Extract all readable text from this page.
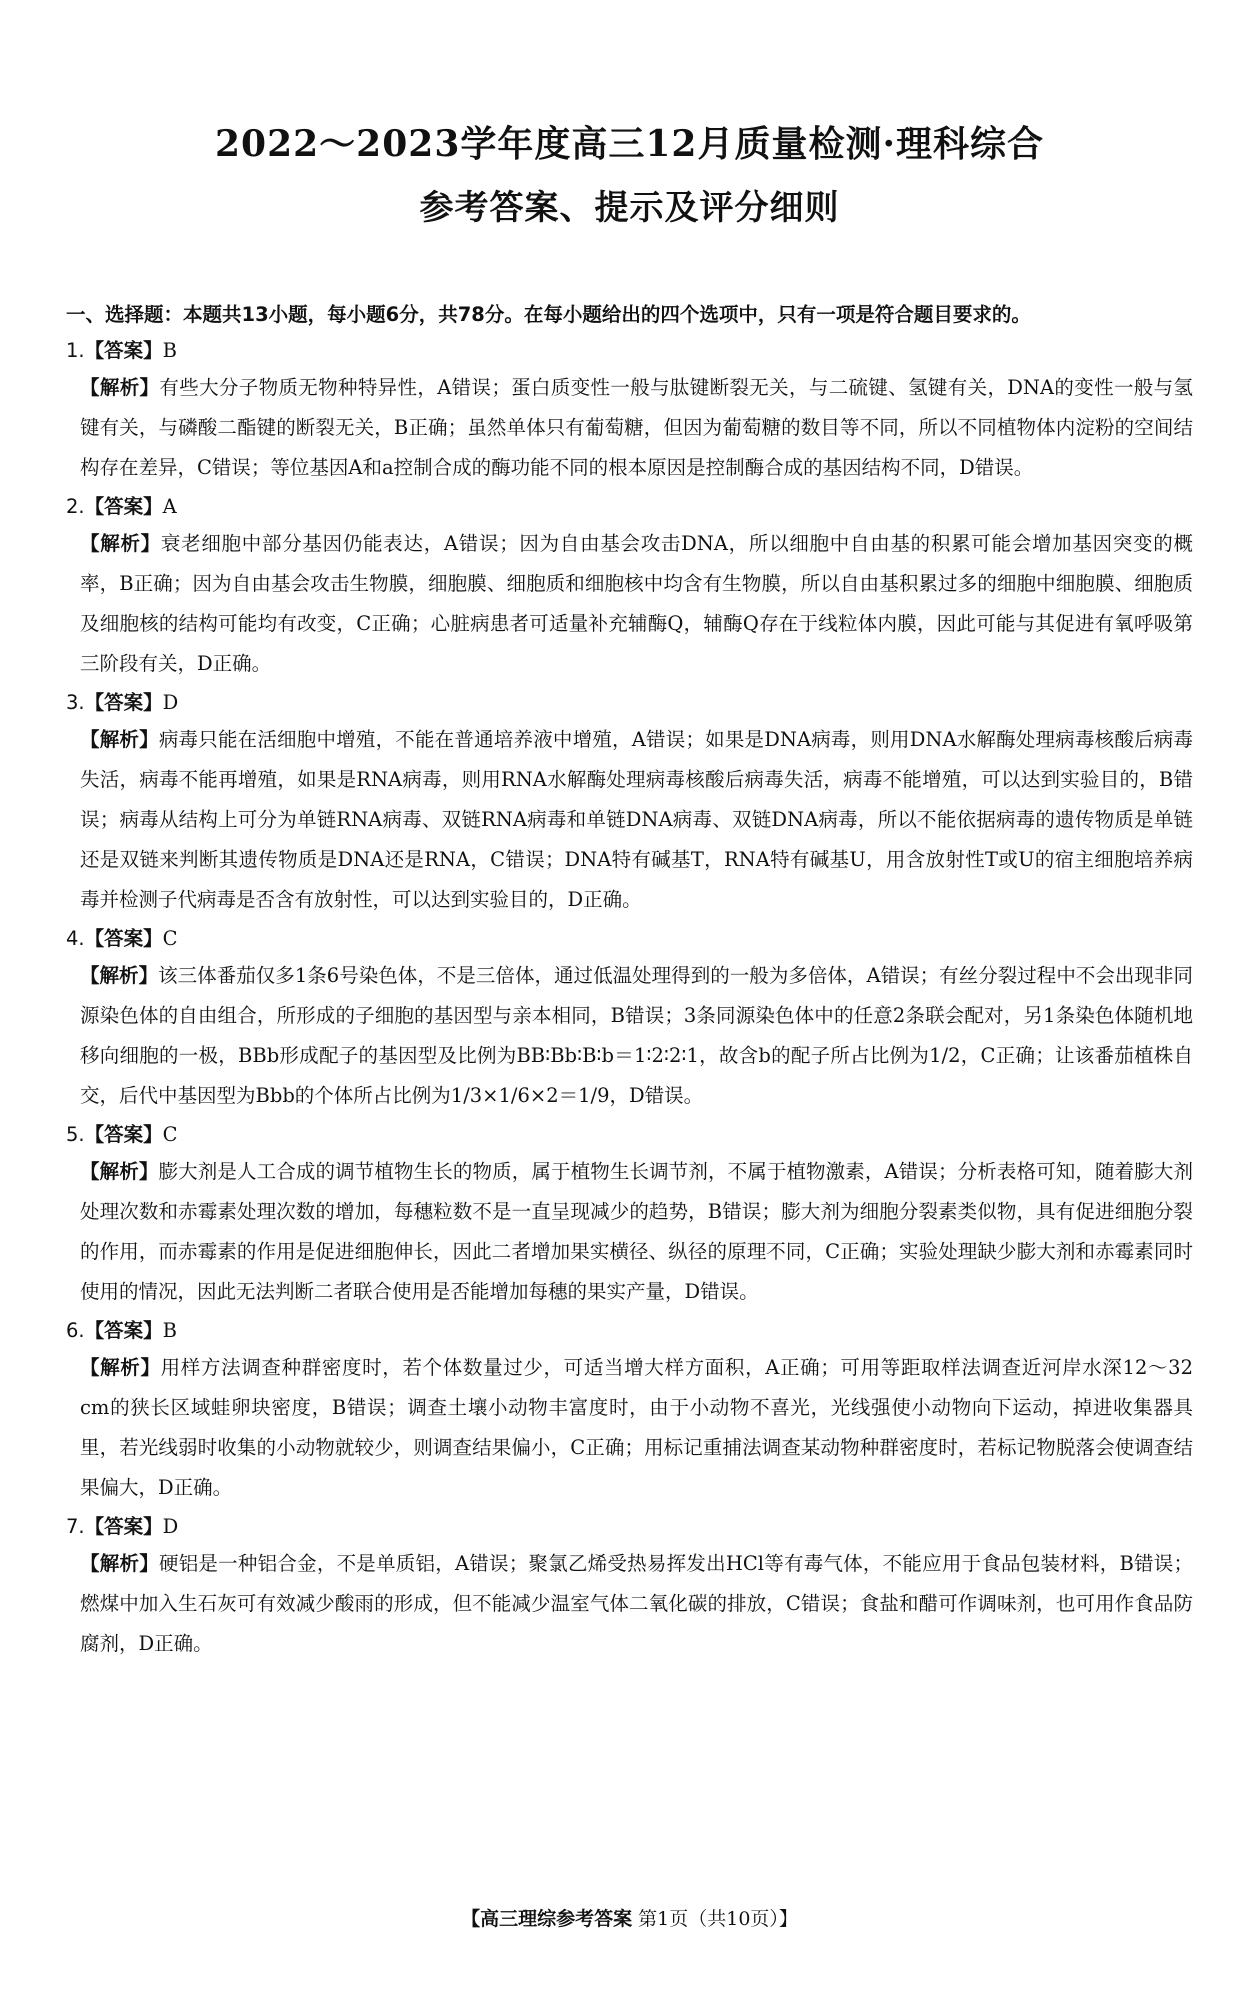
2022～2023学年度高三12月质量检测·理科综合
参考答案、提示及评分细则
一、选择题：本题共13小题，每小题6分，共78分。在每小题给出的四个选项中，只有一项是符合题目要求的。

1.【答案】B

【解析】有些大分子物质无物种特异性，A错误；蛋白质变性一般与肽键断裂无关，与二硫键、氢键有关，DNA的变性一般与氢键有关，与磷酸二酯键的断裂无关，B正确；虽然单体只有葡萄糖，但因为葡萄糖的数目等不同，所以不同植物体内淀粉的空间结构存在差异，C错误；等位基因A和a控制合成的酶功能不同的根本原因是控制酶合成的基因结构不同，D错误。

2.【答案】A

【解析】衰老细胞中部分基因仍能表达，A错误；因为自由基会攻击DNA，所以细胞中自由基的积累可能会增加基因突变的概率，B正确；因为自由基会攻击生物膜，细胞膜、细胞质和细胞核中均含有生物膜，所以自由基积累过多的细胞中细胞膜、细胞质及细胞核的结构可能均有改变，C正确；心脏病患者可适量补充辅酶Q，辅酶Q存在于线粒体内膜，因此可能与其促进有氧呼吸第三阶段有关，D正确。

3.【答案】D

【解析】病毒只能在活细胞中增殖，不能在普通培养液中增殖，A错误；如果是DNA病毒，则用DNA水解酶处理病毒核酸后病毒失活，病毒不能再增殖，如果是RNA病毒，则用RNA水解酶处理病毒核酸后病毒失活，病毒不能增殖，可以达到实验目的，B错误；病毒从结构上可分为单链RNA病毒、双链RNA病毒和单链DNA病毒、双链DNA病毒，所以不能依据病毒的遗传物质是单链还是双链来判断其遗传物质是DNA还是RNA，C错误；DNA特有碱基T，RNA特有碱基U，用含放射性T或U的宿主细胞培养病毒并检测子代病毒是否含有放射性，可以达到实验目的，D正确。

4.【答案】C

【解析】该三体番茄仅多1条6号染色体，不是三倍体，通过低温处理得到的一般为多倍体，A错误；有丝分裂过程中不会出现非同源染色体的自由组合，所形成的子细胞的基因型与亲本相同，B错误；3条同源染色体中的任意2条联会配对，另1条染色体随机地移向细胞的一极，BBb形成配子的基因型及比例为BB∶Bb∶B∶b＝1∶2∶2∶1，故含b的配子所占比例为1/2，C正确；让该番茄植株自交，后代中基因型为Bbb的个体所占比例为1/3×1/6×2＝1/9，D错误。

5.【答案】C

【解析】膨大剂是人工合成的调节植物生长的物质，属于植物生长调节剂，不属于植物激素，A错误；分析表格可知，随着膨大剂处理次数和赤霉素处理次数的增加，每穗粒数不是一直呈现减少的趋势，B错误；膨大剂为细胞分裂素类似物，具有促进细胞分裂的作用，而赤霉素的作用是促进细胞伸长，因此二者增加果实横径、纵径的原理不同，C正确；实验处理缺少膨大剂和赤霉素同时使用的情况，因此无法判断二者联合使用是否能增加每穗的果实产量，D错误。

6.【答案】B

【解析】用样方法调查种群密度时，若个体数量过少，可适当增大样方面积，A正确；可用等距取样法调查近河岸水深12～32 cm的狭长区域蛙卵块密度，B错误；调查土壤小动物丰富度时，由于小动物不喜光，光线强使小动物向下运动，掉进收集器具里，若光线弱时收集的小动物就较少，则调查结果偏小，C正确；用标记重捕法调查某动物种群密度时，若标记物脱落会使调查结果偏大，D正确。

7.【答案】D

【解析】硬铝是一种铝合金，不是单质铝，A错误；聚氯乙烯受热易挥发出HCl等有毒气体，不能应用于食品包装材料，B错误；燃煤中加入生石灰可有效减少酸雨的形成，但不能减少温室气体二氧化碳的排放，C错误；食盐和醋可作调味剂，也可用作食品防腐剂，D正确。

【高三理综参考答案 第1页（共10页）】
